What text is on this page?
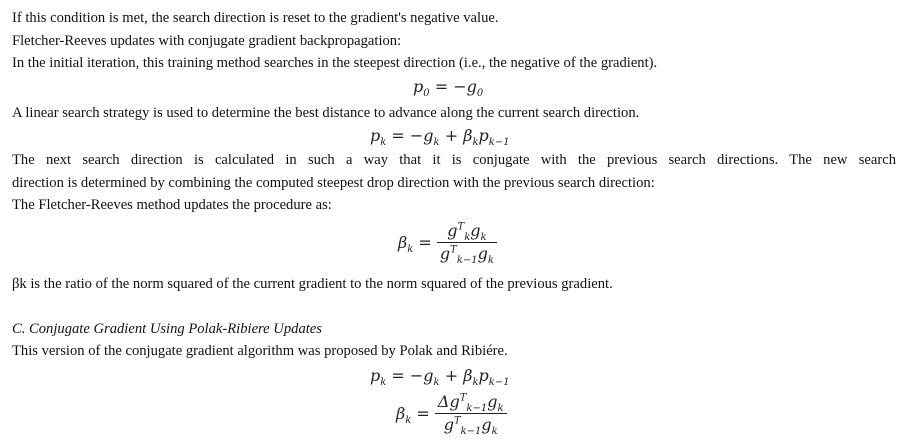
If this condition is met, the search direction is reset to the gradient's negative value.
Fletcher-Reeves updates with conjugate gradient backpropagation:
In the initial iteration, this training method searches in the steepest direction (i.e., the negative of the gradient).
$p_0 = -g_0$
A linear search strategy is used to determine the best distance to advance along the current search direction.
$p_k = -g_k + \beta_kp_{k-1}$
The next search direction is calculated in such a way that it is conjugate with the previous search directions. The new search
direction is determined by combining the computed steepest drop direction with the previous search direction:
The Fletcher-Reeves method updates the procedure as:
$\beta_k = \frac{g^T_kg_k}{g^T_{k-1}g_k}$
βk is the ratio of the norm squared of the current gradient to the norm squared of the previous gradient.
C. Conjugate Gradient Using Polak-Ribiere Updates
This version of the conjugate gradient algorithm was proposed by Polak and Ribiére.
$p_k = -g_k + \beta_kp_{k-1}$
$\beta_k = \frac{\Delta g^T_{k-1}g_k}{g^T_{k-1}g_k}$
